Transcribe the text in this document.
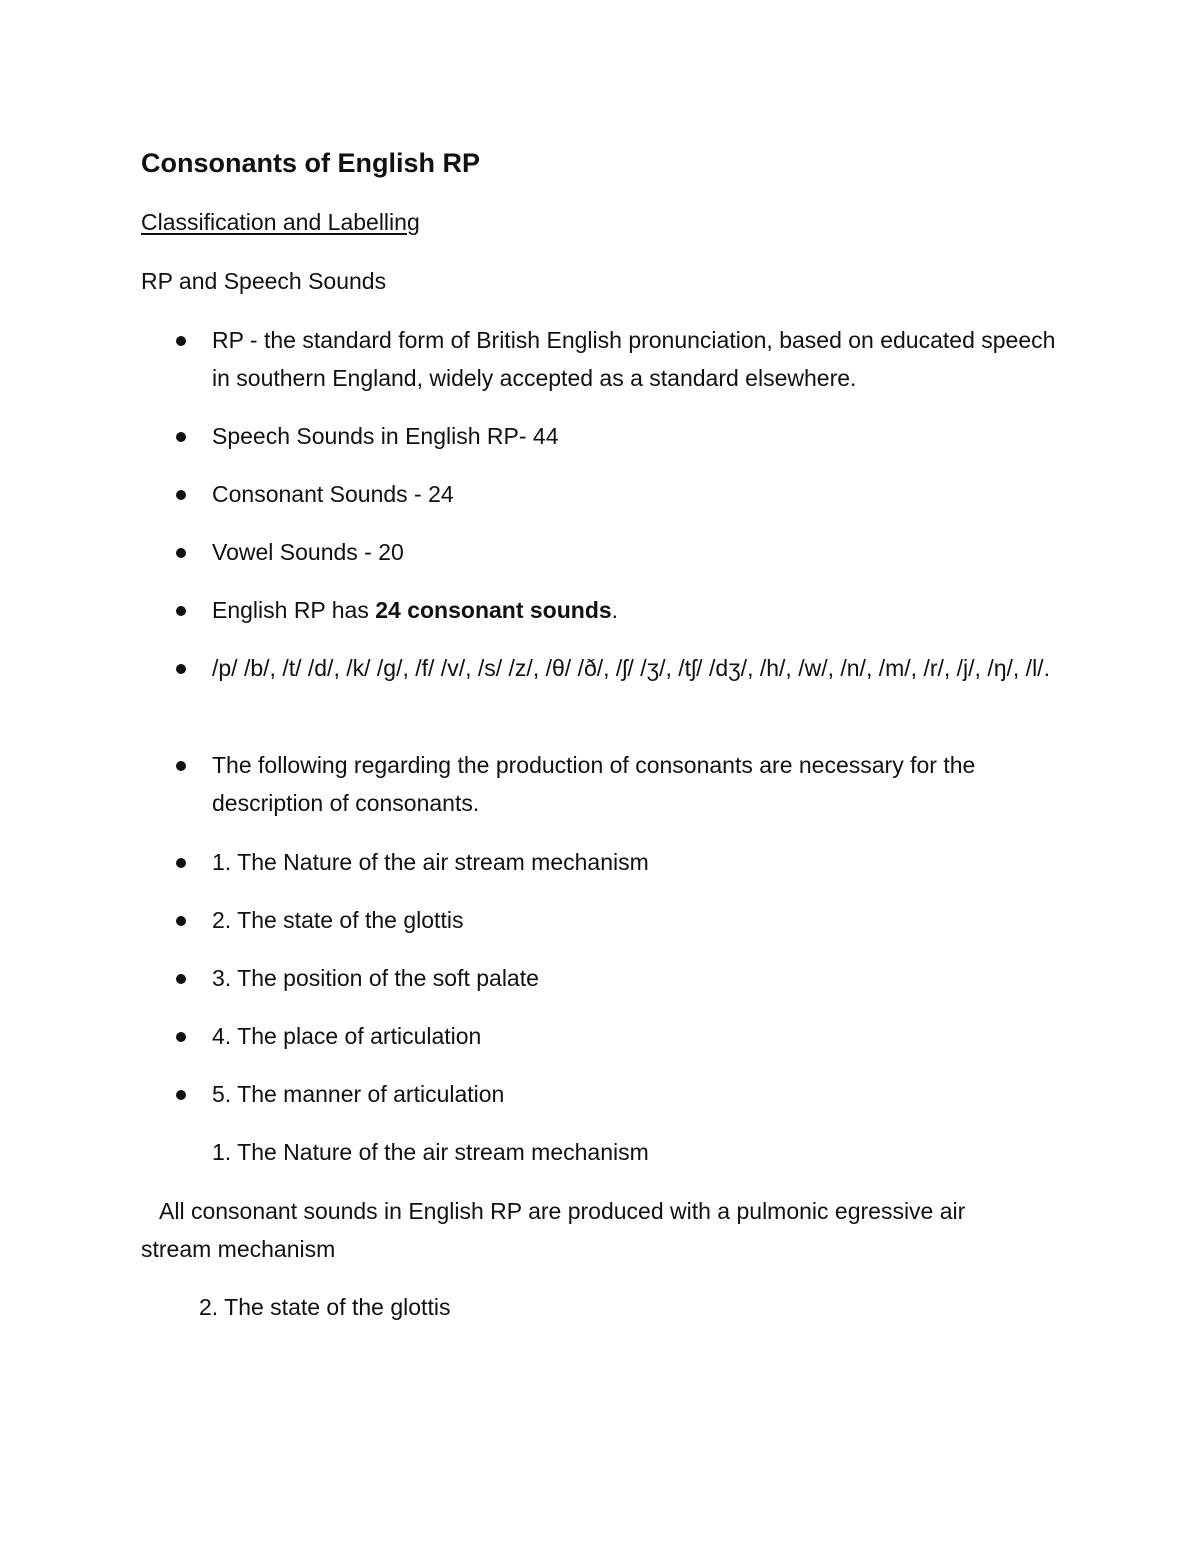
Consonants of English RP
Classification and Labelling
RP and Speech Sounds
RP - the standard form of British English pronunciation, based on educated speech in southern England, widely accepted as a standard elsewhere.
Speech Sounds in English RP- 44
Consonant Sounds - 24
Vowel Sounds - 20
English RP has 24 consonant sounds.
/p/ /b/, /t/ /d/, /k/ /g/, /f/ /v/, /s/ /z/, /θ/ /ð/, /ʃ/ /ʒ/, /tʃ/ /dʒ/, /h/, /w/, /n/, /m/, /r/, /j/, /ŋ/, /l/.
The following regarding the production of consonants are necessary for the description of consonants.
1. The Nature of the air stream mechanism
2. The state of the glottis
3. The position of the soft palate
4. The place of articulation
5. The manner of articulation
1. The Nature of the air stream mechanism
All consonant sounds in English RP are produced with a pulmonic egressive air stream mechanism
2. The state of the glottis
